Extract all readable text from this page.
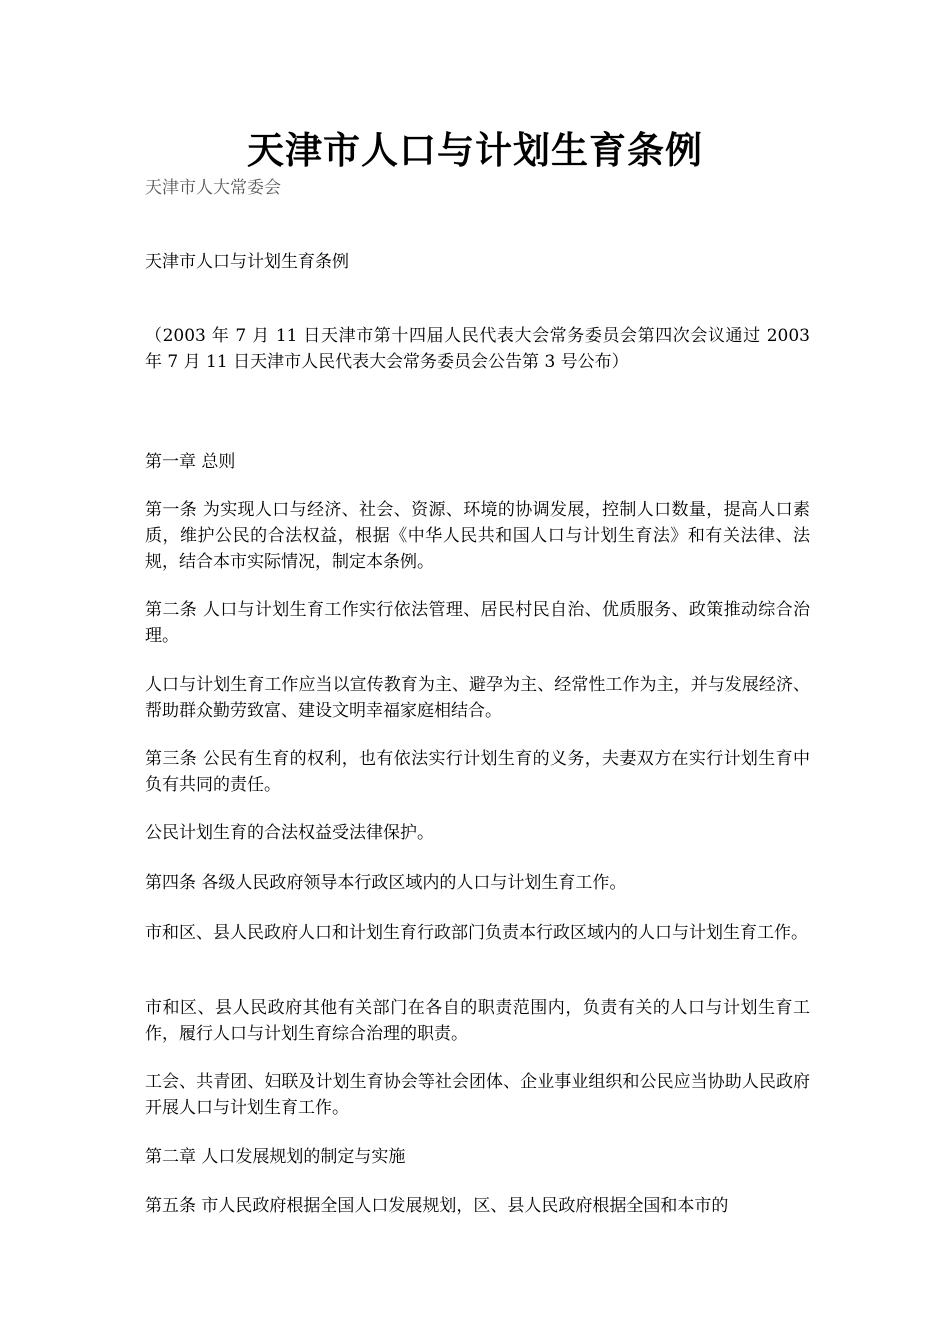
天津市人口与计划生育条例
天津市人大常委会

天津市人口与计划生育条例

（2003 年 7 月 11 日天津市第十四届人民代表大会常务委员会第四次会议通过 2003 年 7 月 11 日天津市人民代表大会常务委员会公告第 3 号公布）

第一章 总则

第一条 为实现人口与经济、社会、资源、环境的协调发展，控制人口数量，提高人口素质，维护公民的合法权益，根据《中华人民共和国人口与计划生育法》和有关法律、法规，结合本市实际情况，制定本条例。

第二条 人口与计划生育工作实行依法管理、居民村民自治、优质服务、政策推动综合治理。

人口与计划生育工作应当以宣传教育为主、避孕为主、经常性工作为主，并与发展经济、帮助群众勤劳致富、建设文明幸福家庭相结合。

第三条 公民有生育的权利，也有依法实行计划生育的义务，夫妻双方在实行计划生育中负有共同的责任。

公民计划生育的合法权益受法律保护。

第四条 各级人民政府领导本行政区域内的人口与计划生育工作。

市和区、县人民政府人口和计划生育行政部门负责本行政区域内的人口与计划生育工作。

市和区、县人民政府其他有关部门在各自的职责范围内，负责有关的人口与计划生育工作，履行人口与计划生育综合治理的职责。

工会、共青团、妇联及计划生育协会等社会团体、企业事业组织和公民应当协助人民政府开展人口与计划生育工作。

第二章 人口发展规划的制定与实施

第五条 市人民政府根据全国人口发展规划，区、县人民政府根据全国和本市的
